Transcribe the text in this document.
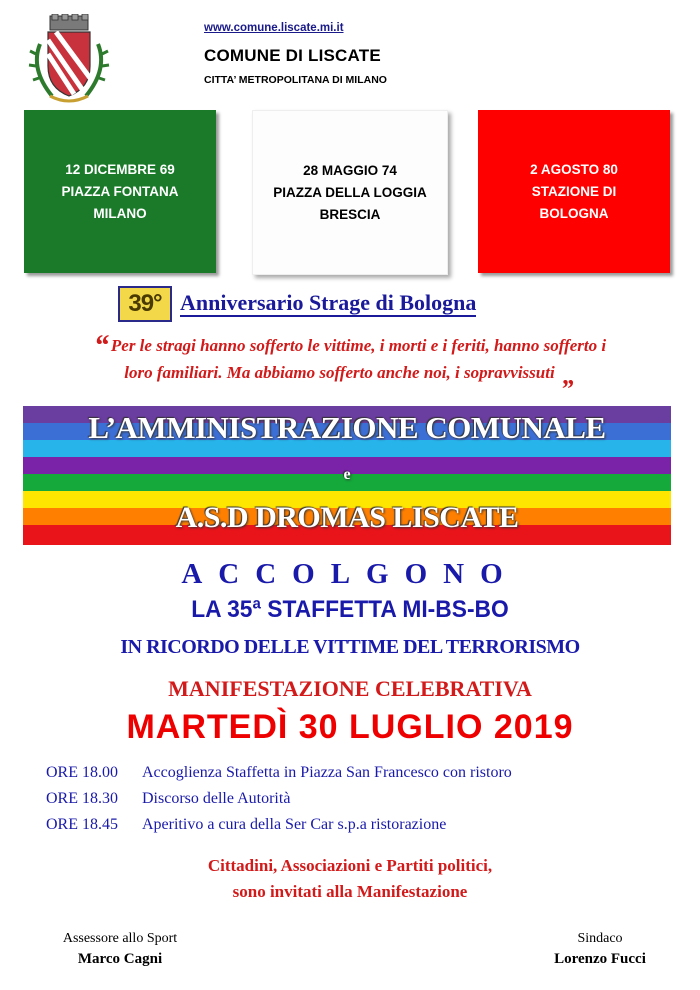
www.comune.liscate.mi.it
COMUNE DI LISCATE
CITTA’ METROPOLITANA DI MILANO
12 DICEMBRE 69
PIAZZA FONTANA
MILANO
28 MAGGIO 74
PIAZZA DELLA LOGGIA
BRESCIA
2 AGOSTO 80
STAZIONE DI
BOLOGNA
39° Anniversario Strage di Bologna
“ Per le stragi hanno sofferto le vittime, i morti e i feriti, hanno sofferto i
loro familiari. Ma abbiamo sofferto anche noi, i sopravvissuti „
L’AMMINISTRAZIONE COMUNALE
e
A.S.D DROMAS LISCATE
ACCOLGONO
LA 35ª STAFFETTA MI-BS-BO
IN RICORDO DELLE VITTIME DEL TERRORISMO
MANIFESTAZIONE CELEBRATIVA
MARTEDÌ 30 LUGLIO 2019
ORE 18.00 Accoglienza Staffetta in Piazza San Francesco con ristoro
ORE 18.30 Discorso delle Autorità
ORE 18.45 Aperitivo a cura della Ser Car s.p.a ristorazione
Cittadini, Associazioni e Partiti politici,
sono invitati alla Manifestazione
Assessore allo Sport
Marco Cagni
Sindaco
Lorenzo Fucci
